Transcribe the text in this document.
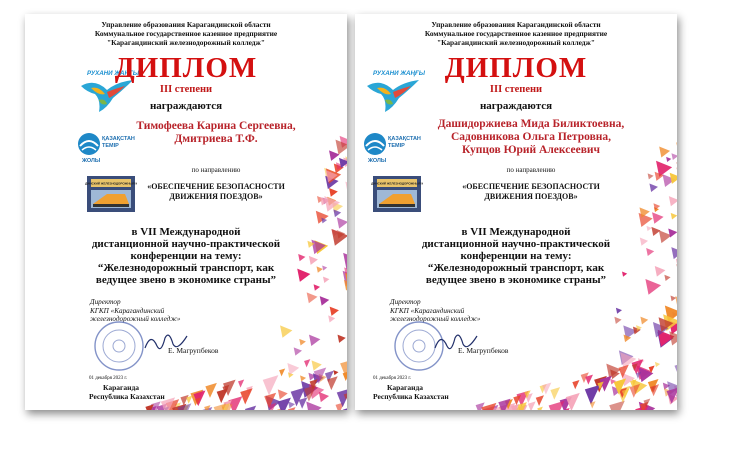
Управление образования Карагандинской области
Коммунальное государственное казенное предприятие
"Карагандинский железнодорожный колледж"
РУХАНИ ЖАҢҒЫ
ҚАЗАҚСТАН
ТЕМІР
ЖОЛЫ
ДИНСКИЙ ЖЕЛЕЗНОДОРОЖНЫЙ
ДИПЛОМ
III степени
награждаются
Тимофеева Карина Сергеевна,
Дмитриева Т.Ф.
по направлению
«ОБЕСПЕЧЕНИЕ БЕЗОПАСНОСТИ
ДВИЖЕНИЯ ПОЕЗДОВ»
в VII Международной
дистанционной научно-практической
конференции на тему:
“Железнодорожный транспорт, как
ведущее звено в экономике страны”
Директор
КГКП «Карагандинский
железнодорожный колледж»
Е. Магрупбеков
01 декабря 2023 г.
Караганда
Республика Казахстан
Управление образования Карагандинской области
Коммунальное государственное казенное предприятие
"Карагандинский железнодорожный колледж"
РУХАНИ ЖАҢҒЫ
ҚАЗАҚСТАН
ТЕМІР
ЖОЛЫ
ДИНСКИЙ ЖЕЛЕЗНОДОРОЖНЫЙ
ДИПЛОМ
III степени
награждаются
Дашидоржиева Мида Биликтоевна,
Садовникова Ольга Петровна,
Купцов Юрий Алексеевич
по направлению
«ОБЕСПЕЧЕНИЕ БЕЗОПАСНОСТИ
ДВИЖЕНИЯ ПОЕЗДОВ»
в VII Международной
дистанционной научно-практической
конференции на тему:
“Железнодорожный транспорт, как
ведущее звено в экономике страны”
Директор
КГКП «Карагандинский
железнодорожный колледж»
Е. Магрупбеков
01 декабря 2023 г.
Караганда
Республика Казахстан
